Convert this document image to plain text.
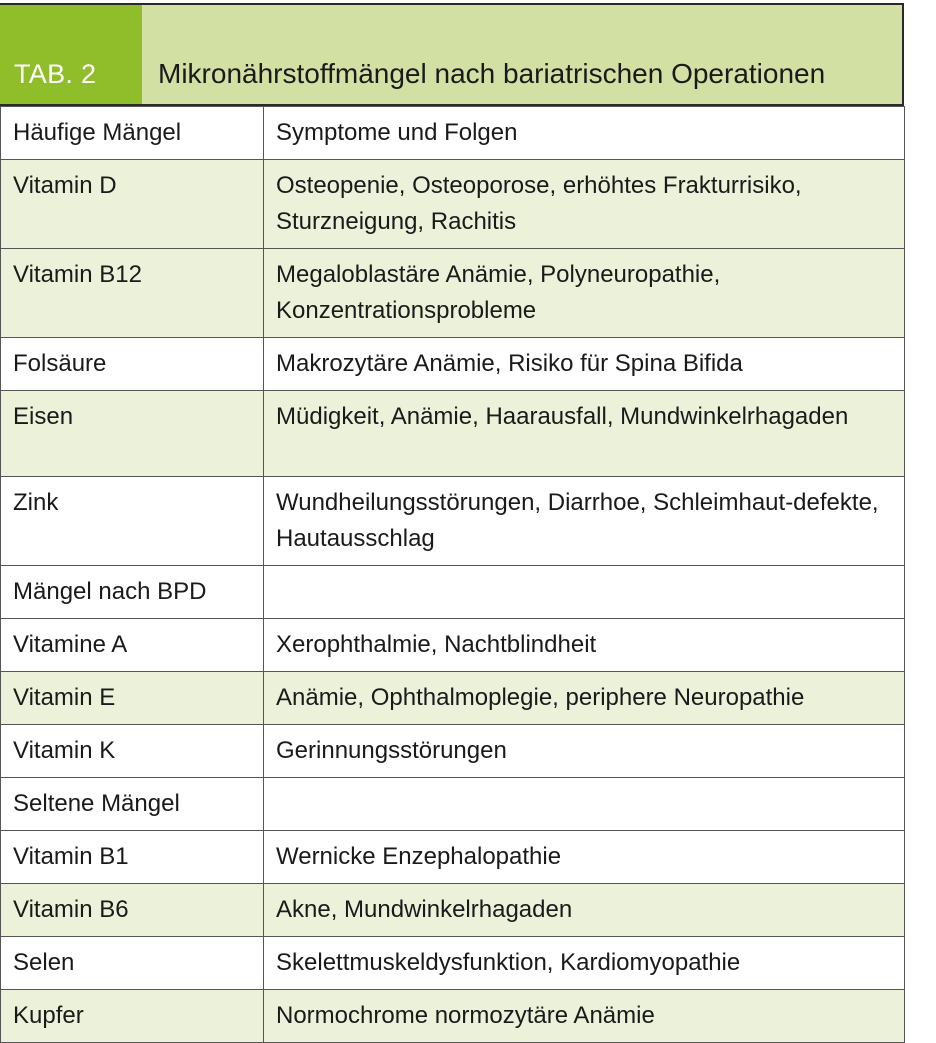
TAB. 2	Mikronährstoffmängel nach bariatrischen Operationen
Häufige Mängel	Symptome und Folgen
Vitamin D	Osteopenie, Osteoporose, erhöhtes Frakturrisiko, Sturzneigung, Rachitis
Vitamin B12	Megaloblastäre Anämie, Polyneuropathie, Konzentrationsprobleme
Folsäure	Makrozytäre Anämie, Risiko für Spina Bifida
Eisen	Müdigkeit, Anämie, Haarausfall, Mundwinkelrhagaden
Zink	Wundheilungsstörungen, Diarrhoe, Schleimhaut-defekte, Hautausschlag
Mängel nach BPD	
Vitamine A	Xerophthalmie, Nachtblindheit
Vitamin E	Anämie, Ophthalmoplegie, periphere Neuropathie
Vitamin K	Gerinnungsstörungen
Seltene Mängel	
Vitamin B1	Wernicke Enzephalopathie
Vitamin B6	Akne, Mundwinkelrhagaden
Selen	Skelettmuskeldysfunktion, Kardiomyopathie
Kupfer	Normochrome normozytäre Anämie
